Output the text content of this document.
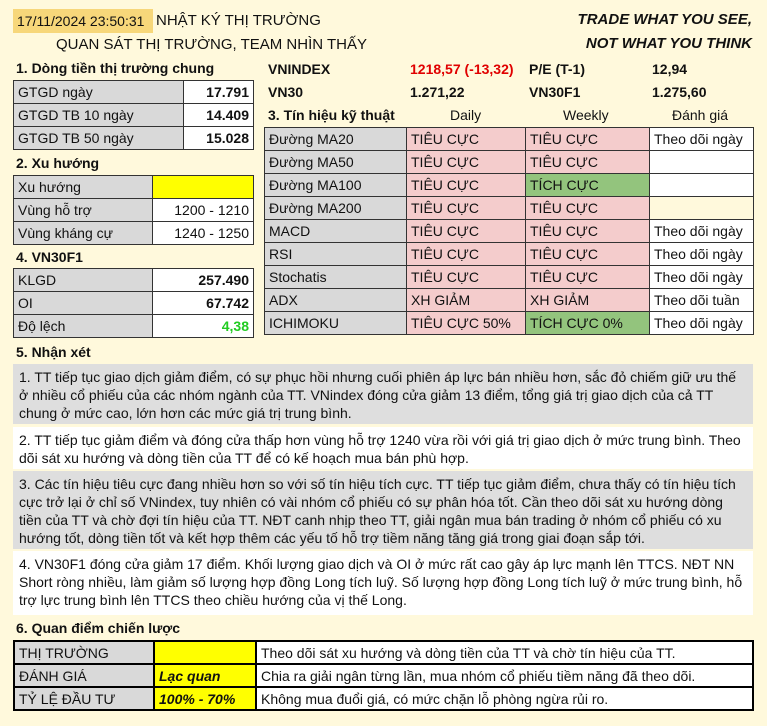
17/11/2024 23:50:31 NHẬT KÝ THỊ TRƯỜNG
QUAN SÁT THỊ TRƯỜNG, TEAM NHÌN THẤY
TRADE WHAT YOU SEE,
NOT WHAT YOU THINK
1. Dòng tiền thị trường chung
GTGD ngày	17.791
GTGD TB 10 ngày	14.409
GTGD TB 50 ngày	15.028
2. Xu hướng
Xu hướng	
Vùng hỗ trợ	1200 - 1210
Vùng kháng cự	1240 - 1250
4. VN30F1
KLGD	257.490
OI	67.742
Độ lệch	4,38
VNINDEX	1218,57 (-13,32) P/E (T-1)	12,94
VN30	1.271,22	VN30F1	1.275,60
3. Tín hiệu kỹ thuật	Daily	Weekly	Đánh giá
Đường MA20	TIÊU CỰC	TIÊU CỰC	Theo dõi ngày
Đường MA50	TIÊU CỰC	TIÊU CỰC	
Đường MA100	TIÊU CỰC	TÍCH CỰC	
Đường MA200	TIÊU CỰC	TIÊU CỰC	
MACD	TIÊU CỰC	TIÊU CỰC	Theo dõi ngày
RSI	TIÊU CỰC	TIÊU CỰC	Theo dõi ngày
Stochatis	TIÊU CỰC	TIÊU CỰC	Theo dõi ngày
ADX	XH GIẢM	XH GIẢM	Theo dõi tuần
ICHIMOKU	TIÊU CỰC 50%	TÍCH CỰC 0%	Theo dõi ngày
5. Nhận xét
1. TT tiếp tục giao dịch giảm điểm, có sự phục hồi nhưng cuối phiên áp lực bán nhiều hơn, sắc đỏ chiếm giữ ưu thế ở nhiều cổ phiếu của các nhóm ngành của TT. VNindex đóng cửa giảm 13 điểm, tổng giá trị giao dịch của cả TT chung ở mức cao, lớn hơn các mức giá trị trung bình.
2. TT tiếp tục giảm điểm và đóng cửa thấp hơn vùng hỗ trợ 1240 vừa rồi với giá trị giao dịch ở mức trung bình. Theo dõi sát xu hướng và dòng tiền của TT để có kế hoạch mua bán phù hợp.
3. Các tín hiệu tiêu cực đang nhiều hơn so với số tín hiệu tích cực. TT tiếp tục giảm điểm, chưa thấy có tín hiệu tích cực trở lại ở chỉ số VNindex, tuy nhiên có vài nhóm cổ phiếu có sự phân hóa tốt. Cần theo dõi sát xu hướng dòng tiền của TT và chờ đợi tín hiệu của TT. NĐT canh nhịp theo TT, giải ngân mua bán trading ở nhóm cổ phiếu có xu hướng tốt, dòng tiền tốt và kết hợp thêm các yếu tố hỗ trợ tiềm năng tăng giá trong giai đoạn sắp tới.
4. VN30F1 đóng cửa giảm 17 điểm. Khối lượng giao dịch và OI ở mức rất cao gây áp lực mạnh lên TTCS. NĐT NN Short ròng nhiều, làm giảm số lượng hợp đồng Long tích luỹ. Số lượng hợp đồng Long tích luỹ ở mức trung bình, hỗ trợ lực trung bình lên TTCS theo chiều hướng của vị thế Long.
6. Quan điểm chiến lược
THỊ TRƯỜNG		Theo dõi sát xu hướng và dòng tiền của TT và chờ tín hiệu của TT.
ĐÁNH GIÁ	Lạc quan	Chia ra giải ngân từng lần, mua nhóm cổ phiếu tiềm năng đã theo dõi.
TỶ LỆ ĐẦU TƯ	100% - 70%	Không mua đuổi giá, có mức chặn lỗ phòng ngừa rủi ro.
